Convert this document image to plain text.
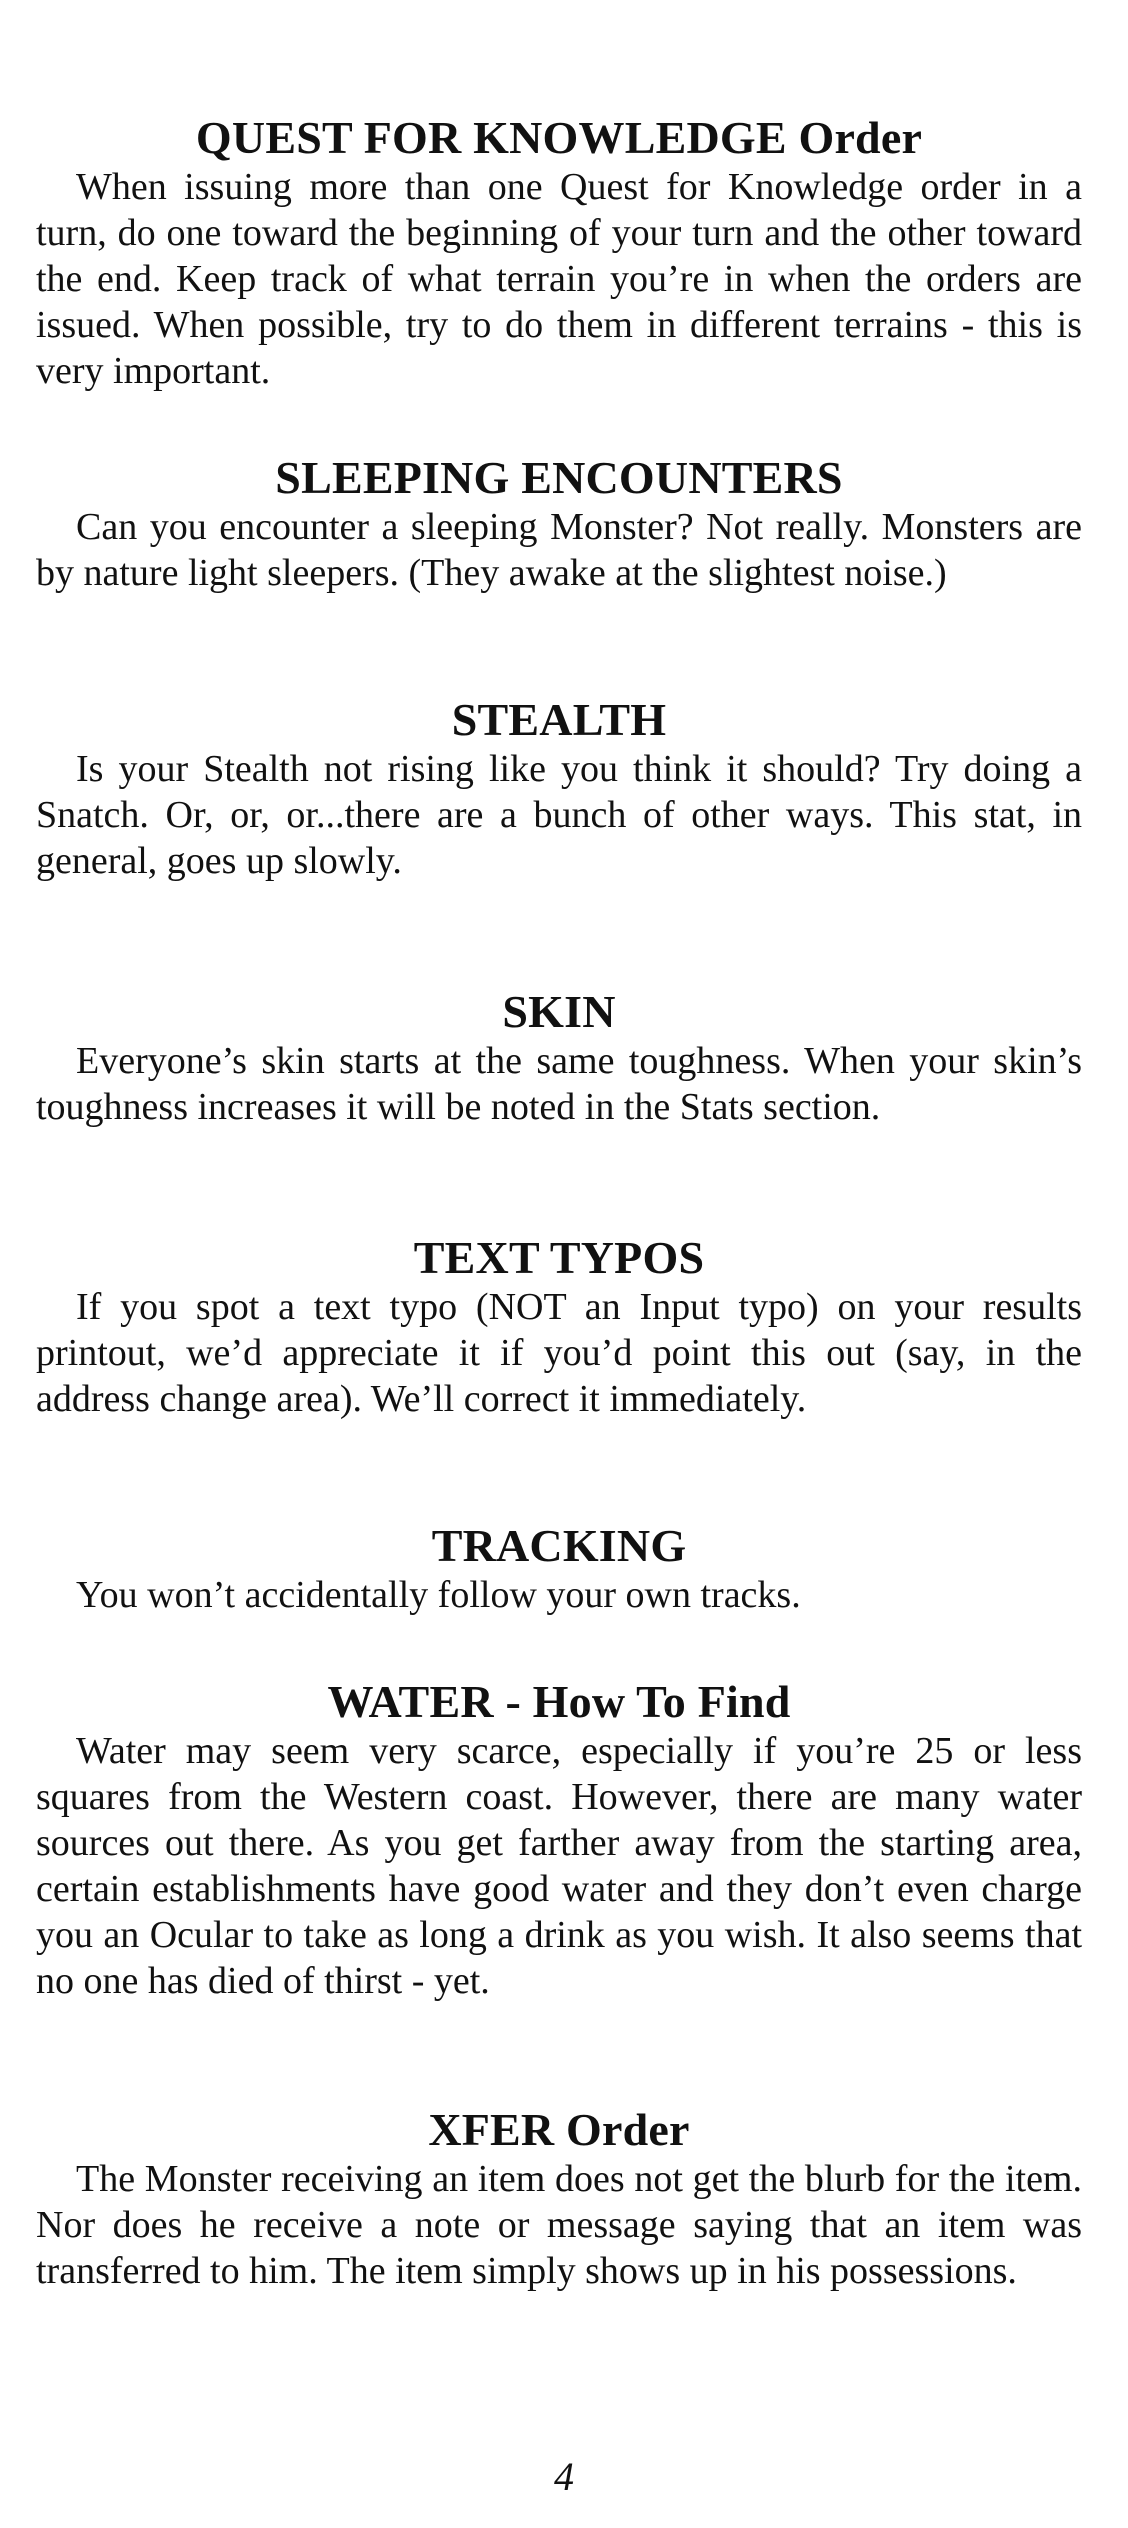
QUEST FOR KNOWLEDGE Order

When issuing more than one Quest for Knowledge order in a turn, do one toward the beginning of your turn and the other toward the end. Keep track of what terrain you’re in when the orders are issued. When possible, try to do them in different terrains - this is very important.

SLEEPING ENCOUNTERS

Can you encounter a sleeping Monster? Not really. Monsters are by nature light sleepers. (They awake at the slightest noise.)

STEALTH

Is your Stealth not rising like you think it should? Try doing a Snatch. Or, or, or...there are a bunch of other ways. This stat, in general, goes up slowly.

SKIN

Everyone’s skin starts at the same toughness. When your skin’s toughness increases it will be noted in the Stats section.

TEXT TYPOS

If you spot a text typo (NOT an Input typo) on your results printout, we’d appreciate it if you’d point this out (say, in the address change area). We’ll correct it immediately.

TRACKING

You won’t accidentally follow your own tracks.

WATER - How To Find

Water may seem very scarce, especially if you’re 25 or less squares from the Western coast. However, there are many water sources out there. As you get farther away from the starting area, certain establishments have good water and they don’t even charge you an Ocular to take as long a drink as you wish. It also seems that no one has died of thirst - yet.

XFER Order

The Monster receiving an item does not get the blurb for the item. Nor does he receive a note or message saying that an item was transferred to him. The item simply shows up in his possessions.

4
